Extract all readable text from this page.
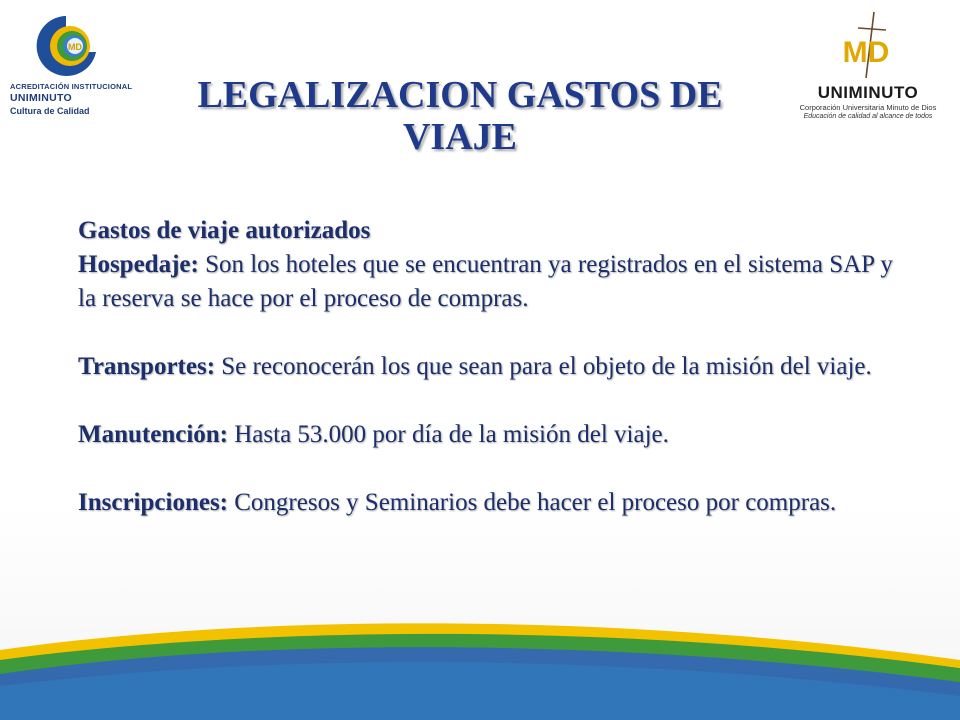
MD
ACREDITACIÓN INSTITUCIONAL
UNIMINUTO
Cultura de Calidad
MD
UNIMINUTO
Corporación Universitaria Minuto de Dios
Educación de calidad al alcance de todos
LEGALIZACION GASTOS DE
VIAJE

Gastos de viaje autorizados
Hospedaje: Son los hoteles que se encuentran ya registrados en el sistema SAP y la reserva se hace por el proceso de compras.

Transportes: Se reconocerán los que sean para el objeto de la misión del viaje.

Manutención: Hasta 53.000 por día de la misión del viaje.

Inscripciones: Congresos y Seminarios debe hacer el proceso por compras.
